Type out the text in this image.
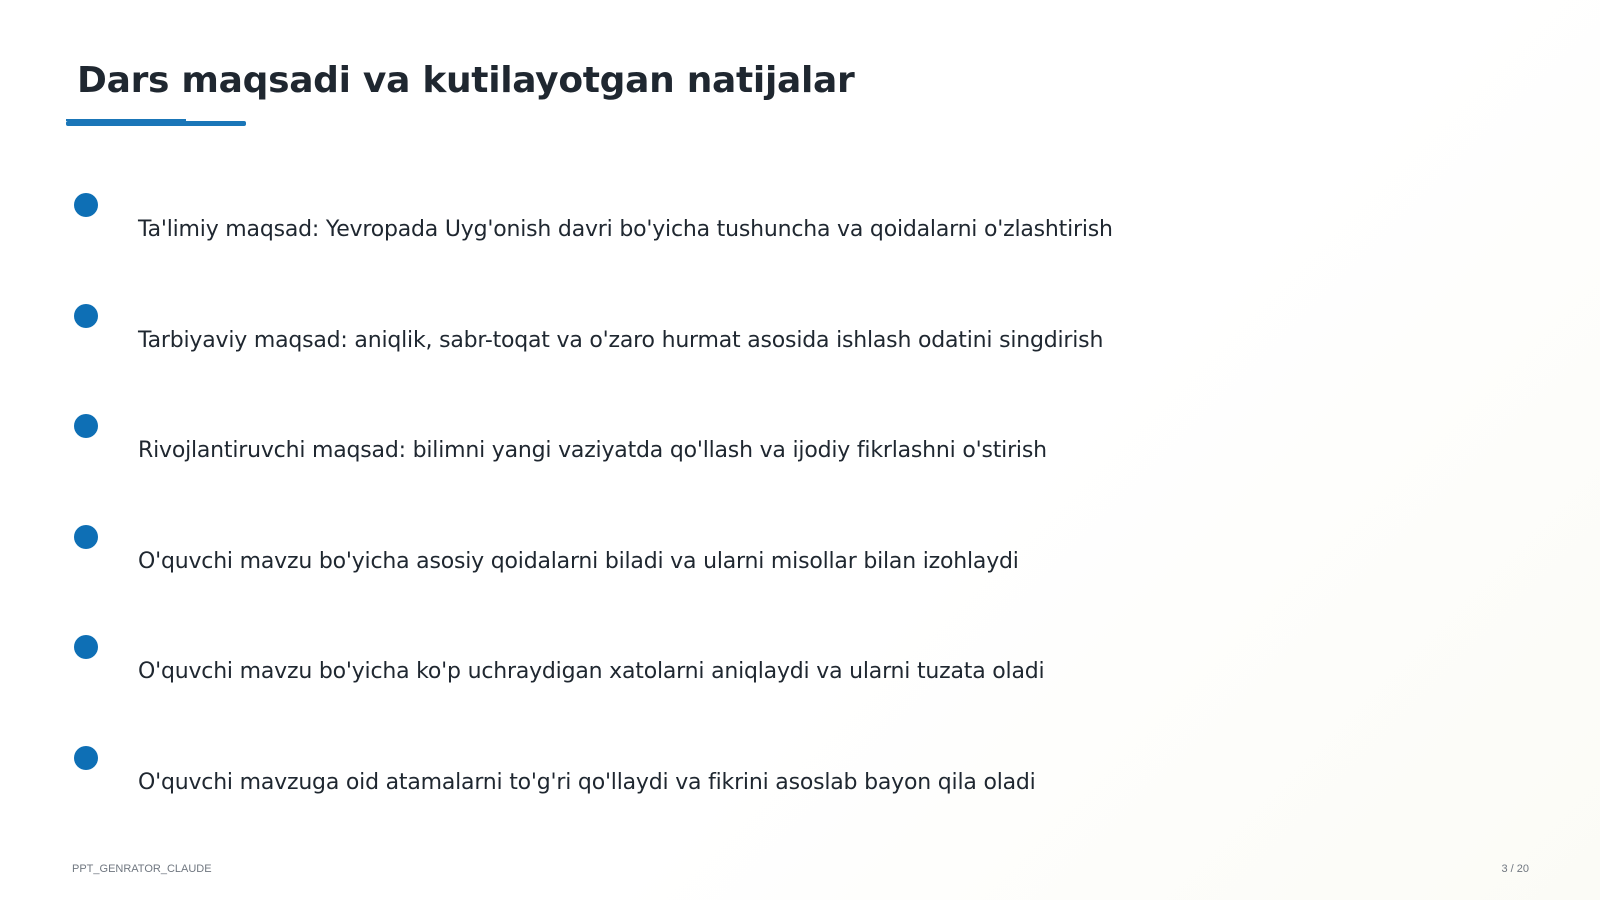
Dars maqsadi va kutilayotgan natijalar
Ta'limiy maqsad: Yevropada Uyg'onish davri bo'yicha tushuncha va qoidalarni o'zlashtirish
Tarbiyaviy maqsad: aniqlik, sabr-toqat va o'zaro hurmat asosida ishlash odatini singdirish
Rivojlantiruvchi maqsad: bilimni yangi vaziyatda qo'llash va ijodiy fikrlashni o'stirish
O'quvchi mavzu bo'yicha asosiy qoidalarni biladi va ularni misollar bilan izohlaydi
O'quvchi mavzu bo'yicha ko'p uchraydigan xatolarni aniqlaydi va ularni tuzata oladi
O'quvchi mavzuga oid atamalarni to'g'ri qo'llaydi va fikrini asoslab bayon qila oladi
PPT_GENRATOR_CLAUDE	3 / 20
